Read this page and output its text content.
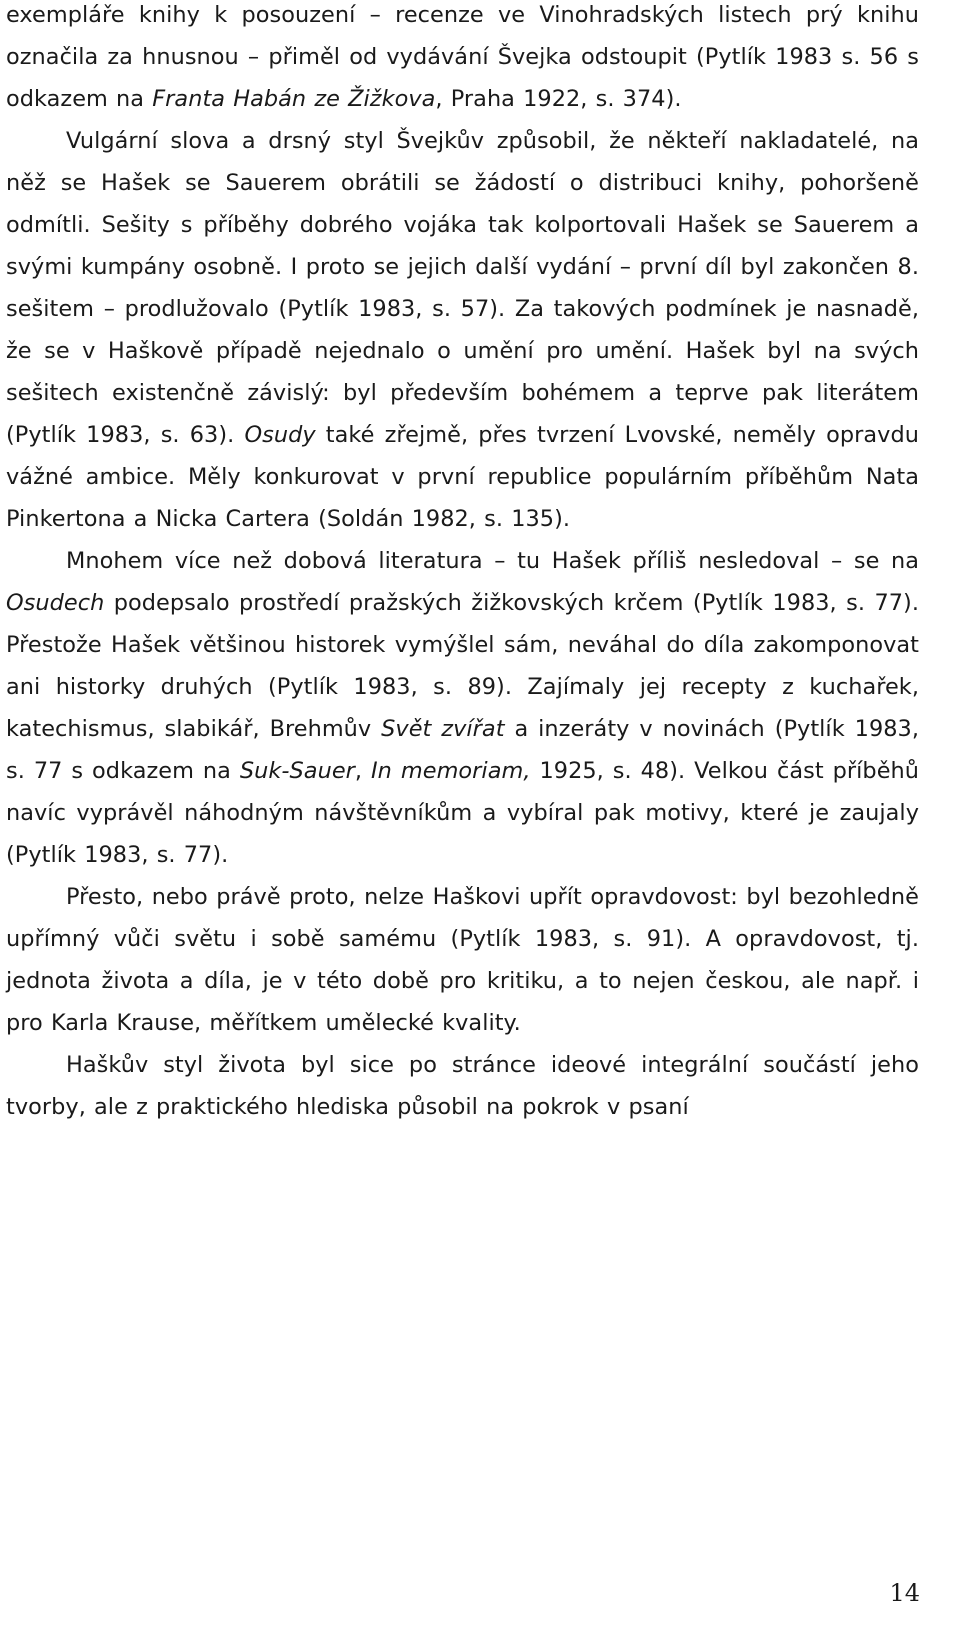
exempláře knihy k posouzení – recenze ve Vinohradských listech prý knihu označila za hnusnou – přiměl od vydávání Švejka odstoupit (Pytlík 1983 s. 56 s odkazem na Franta Habán ze Žižkova, Praha 1922, s. 374).

Vulgární slova a drsný styl Švejkův způsobil, že někteří nakladatelé, na něž se Hašek se Sauerem obrátili se žádostí o distribuci knihy, pohoršeně odmítli. Sešity s příběhy dobrého vojáka tak kolportovali Hašek se Sauerem a svými kumpány osobně. I proto se jejich další vydání – první díl byl zakončen 8. sešitem – prodlužovalo (Pytlík 1983, s. 57). Za takových podmínek je nasnadě, že se v Haškově případě nejednalo o umění pro umění. Hašek byl na svých sešitech existenčně závislý: byl především bohémem a teprve pak literátem (Pytlík 1983, s. 63). Osudy také zřejmě, přes tvrzení Lvovské, neměly opravdu vážné ambice. Měly konkurovat v první republice populárním příběhům Nata Pinkertona a Nicka Cartera (Soldán 1982, s. 135).

Mnohem více než dobová literatura – tu Hašek příliš nesledoval – se na Osudech podepsalo prostředí pražských žižkovských krčem (Pytlík 1983, s. 77). Přestože Hašek většinou historek vymýšlel sám, neváhal do díla zakomponovat ani historky druhých (Pytlík 1983, s. 89). Zajímaly jej recepty z kuchařek, katechismus, slabikář, Brehmův Svět zvířat a inzeráty v novinách (Pytlík 1983, s. 77 s odkazem na Suk-Sauer, In memoriam, 1925, s. 48). Velkou část příběhů navíc vyprávěl náhodným návštěvníkům a vybíral pak motivy, které je zaujaly (Pytlík 1983, s. 77).

Přesto, nebo právě proto, nelze Haškovi upřít opravdovost: byl bezohledně upřímný vůči světu i sobě samému (Pytlík 1983, s. 91). A opravdovost, tj. jednota života a díla, je v této době pro kritiku, a to nejen českou, ale např. i pro Karla Krause, měřítkem umělecké kvality.

Haškův styl života byl sice po stránce ideové integrální součástí jeho tvorby, ale z praktického hlediska působil na pokrok v psaní

14
